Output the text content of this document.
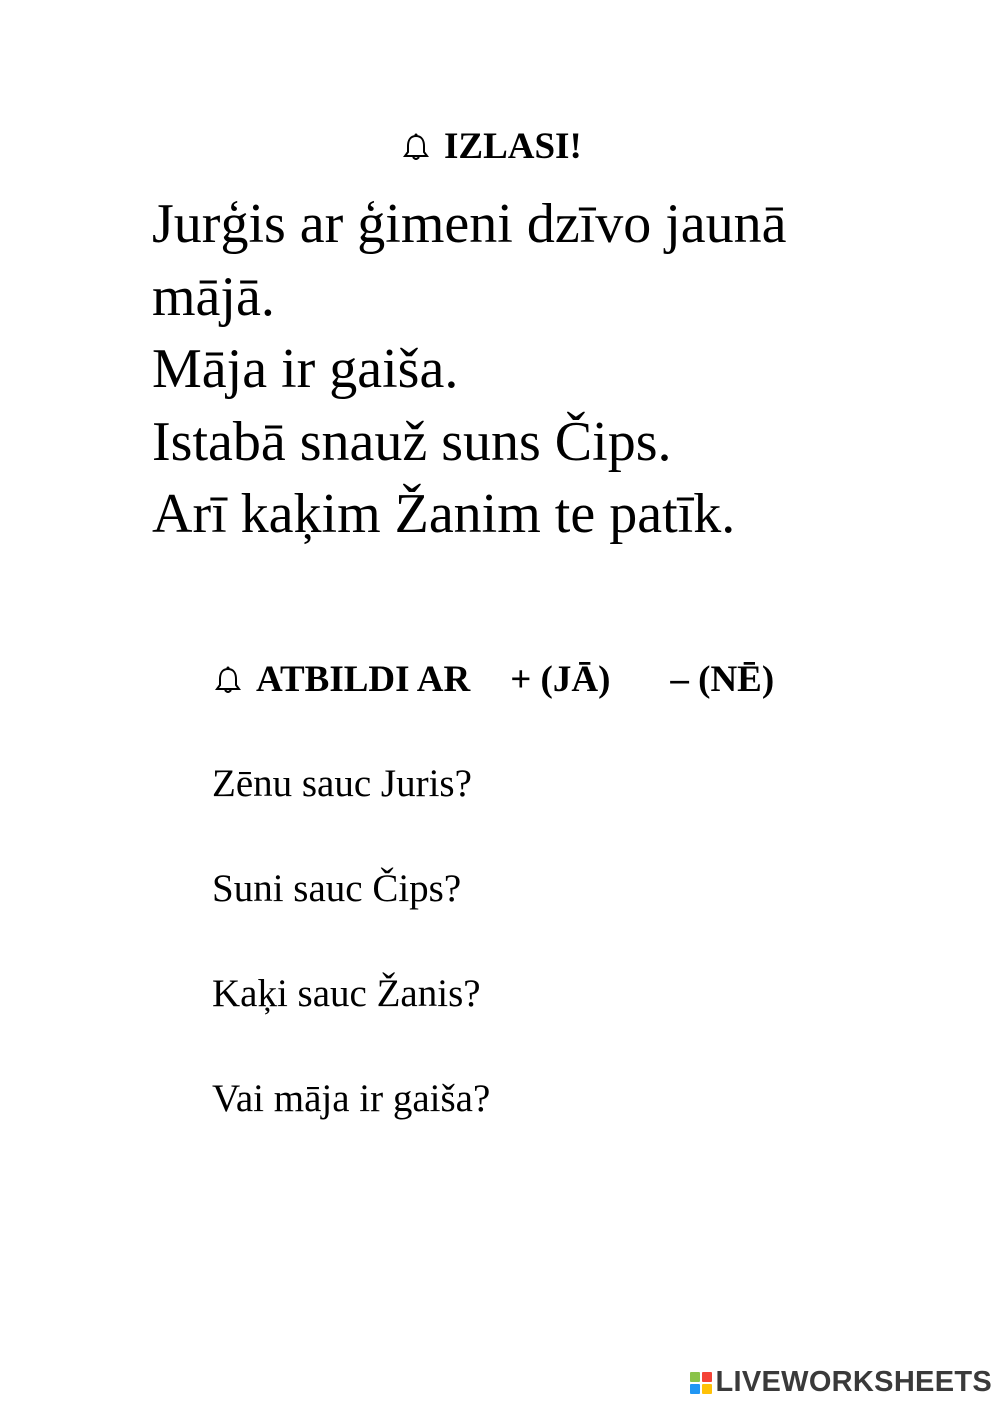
IZLASI!
Jurģis ar ģimeni dzīvo jaunā
mājā.
Māja ir gaiša.
Istabā snauž suns Čips.
Arī kaķim Žanim te patīk.
ATBILDI AR + (JĀ) – (NĒ)
Zēnu sauc Juris?
Suni sauc Čips?
Kaķi sauc Žanis?
Vai māja ir gaiša?
LIVEWORKSHEETS
